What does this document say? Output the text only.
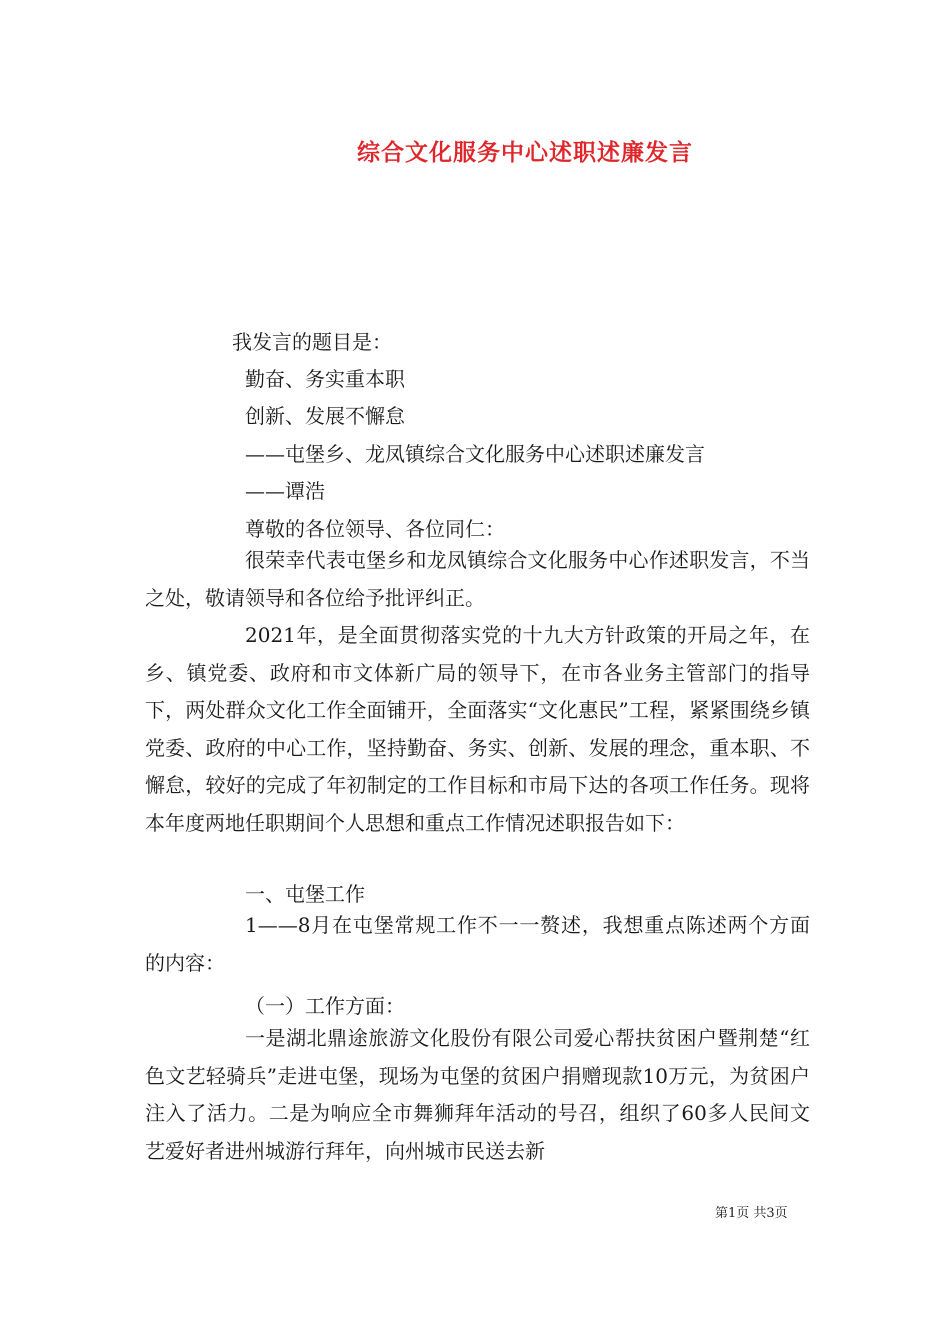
综合文化服务中心述职述廉发言
我发言的题目是：
勤奋、务实重本职
创新、发展不懈怠
——屯堡乡、龙凤镇综合文化服务中心述职述廉发言
——谭浩
尊敬的各位领导、各位同仁：

很荣幸代表屯堡乡和龙凤镇综合文化服务中心作述职发言，不当之处，敬请领导和各位给予批评纠正。

2021年，是全面贯彻落实党的十九大方针政策的开局之年，在乡、镇党委、政府和市文体新广局的领导下，在市各业务主管部门的指导下，两处群众文化工作全面铺开，全面落实“文化惠民”工程，紧紧围绕乡镇党委、政府的中心工作，坚持勤奋、务实、创新、发展的理念，重本职、不懈怠，较好的完成了年初制定的工作目标和市局下达的各项工作任务。现将本年度两地任职期间个人思想和重点工作情况述职报告如下：

一、屯堡工作

1——8月在屯堡常规工作不一一赘述，我想重点陈述两个方面的内容：

（一）工作方面：

一是湖北鼎途旅游文化股份有限公司爱心帮扶贫困户暨荆楚“红色文艺轻骑兵”走进屯堡，现场为屯堡的贫困户捐赠现款10万元，为贫困户注入了活力。二是为响应全市舞狮拜年活动的号召，组织了60多人民间文艺爱好者进州城游行拜年，向州城市民送去新

第1页 共3页
